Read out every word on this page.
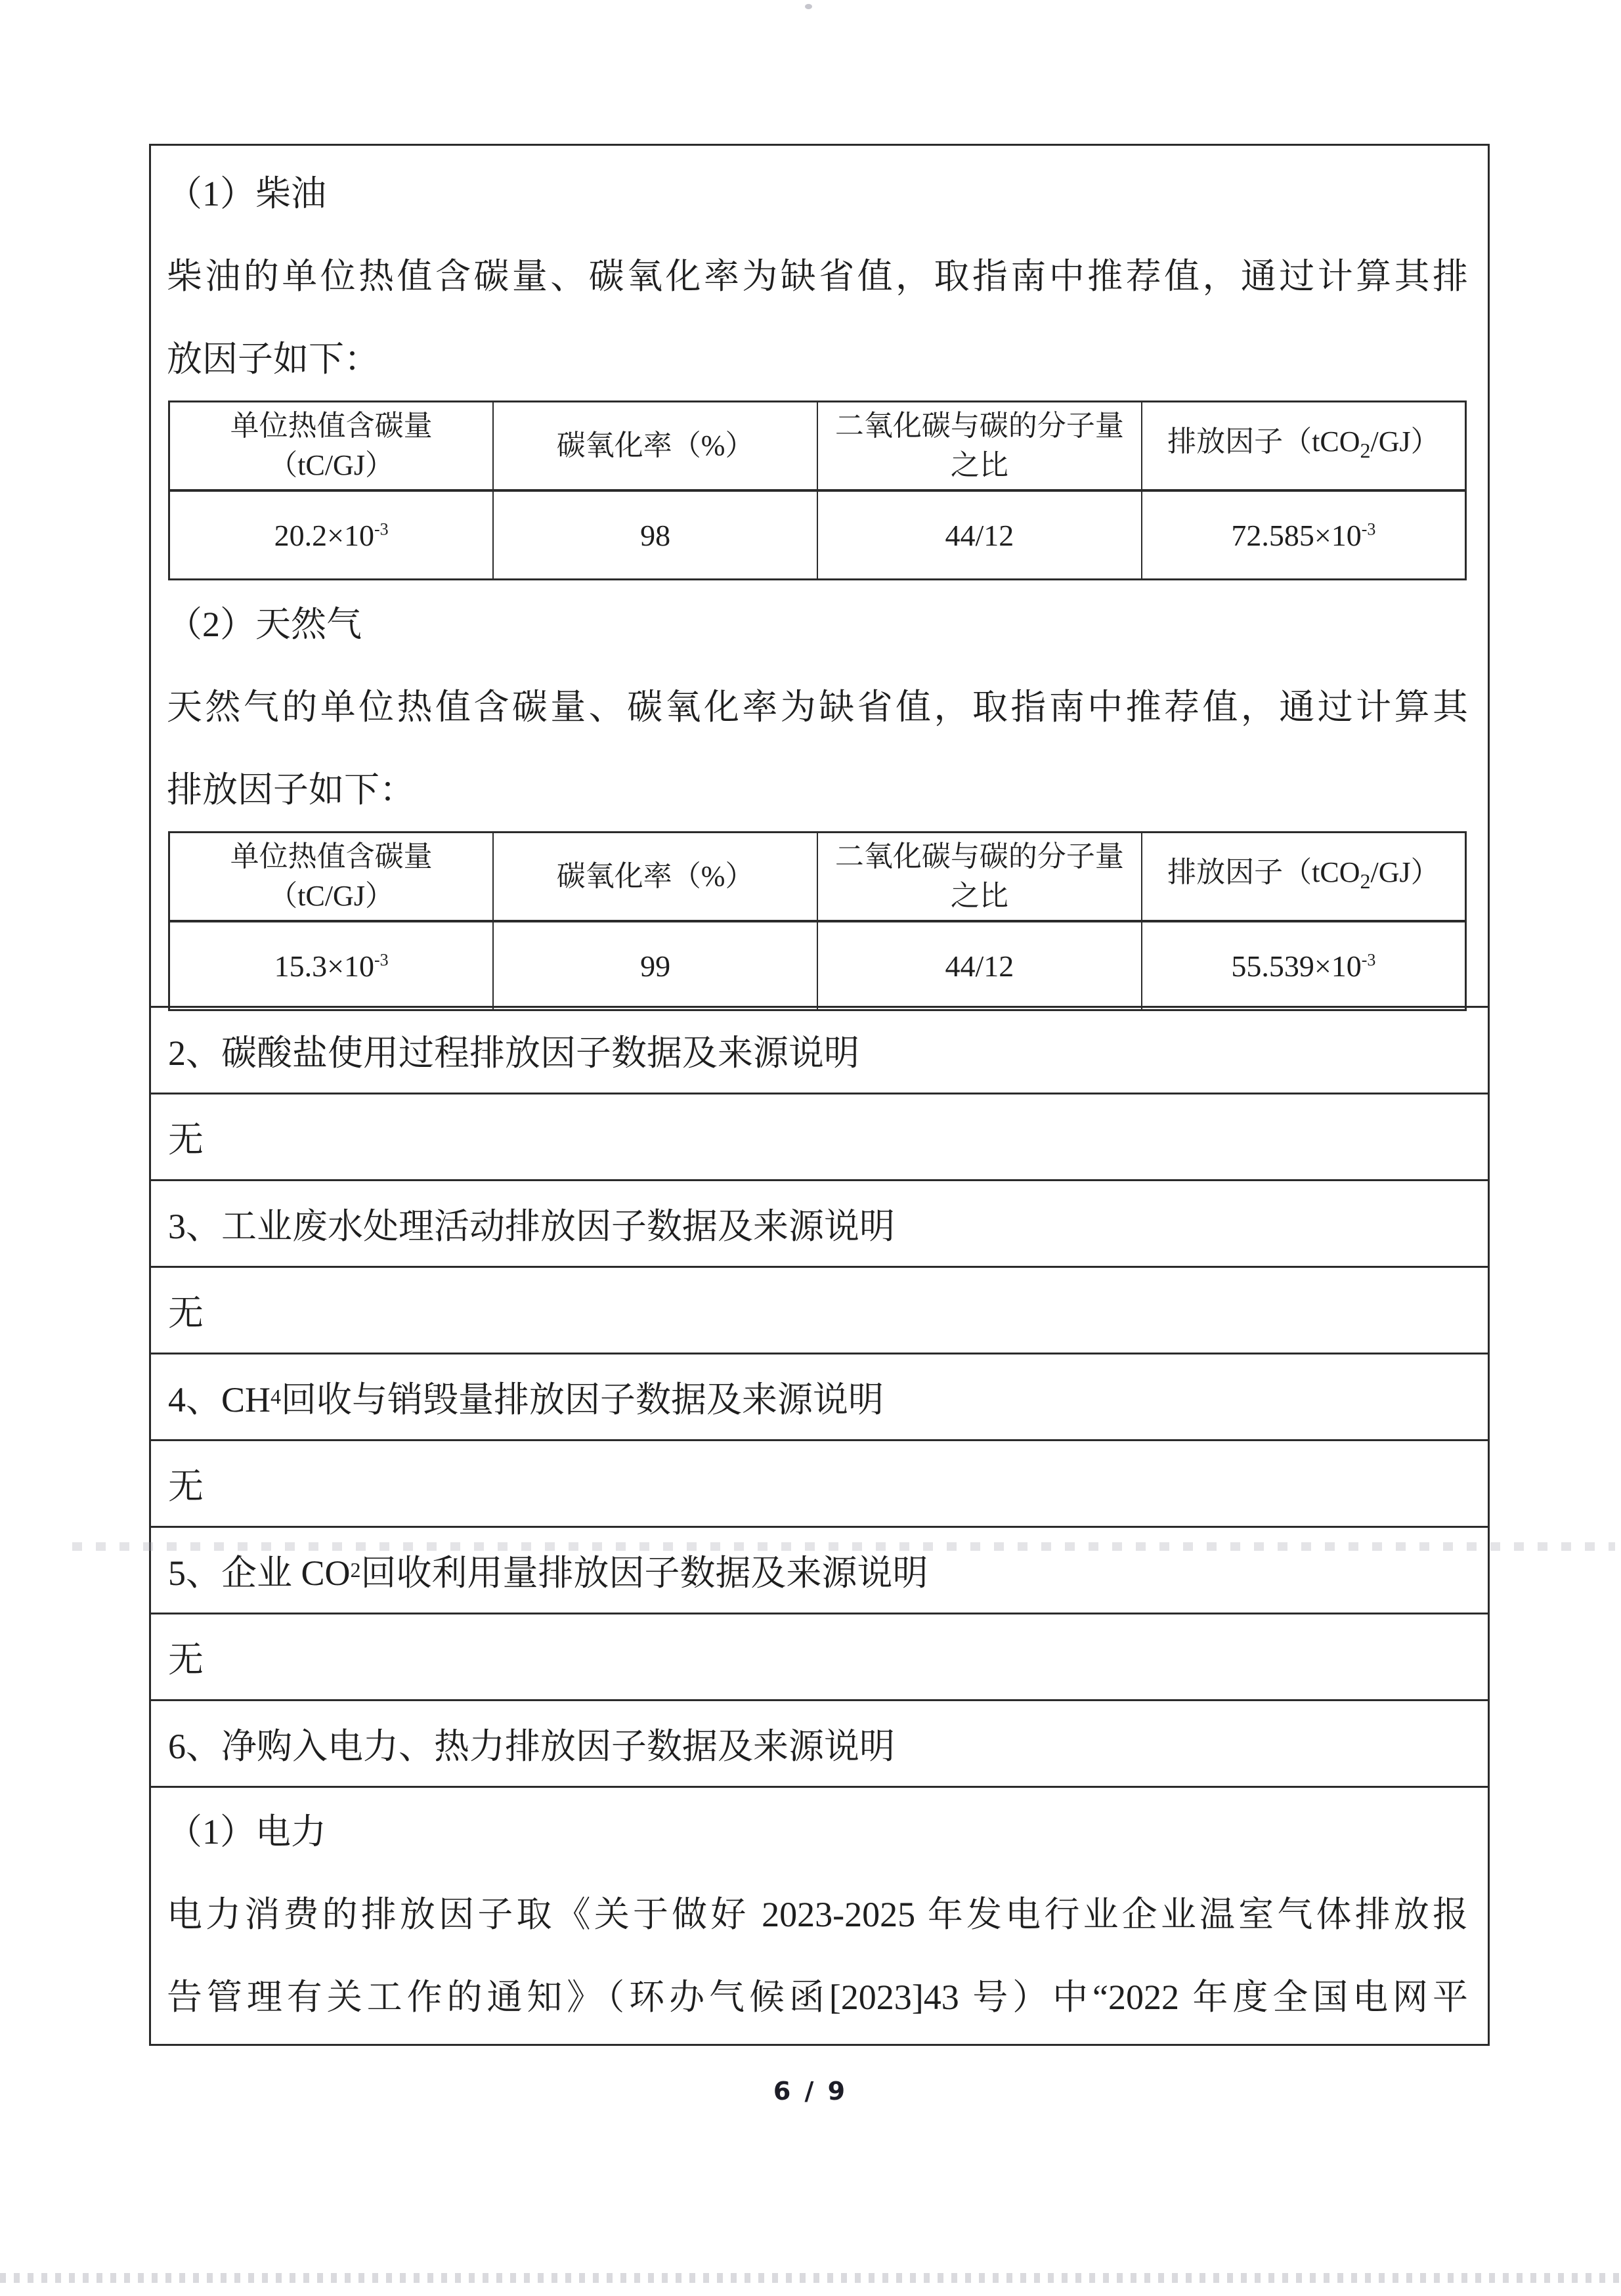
（1）柴油
柴油的单位热值含碳量、碳氧化率为缺省值，取指南中推荐值，通过计算其排
放因子如下：
单位热值含碳量
（tC/GJ）
	碳氧化率（%）	
二氧化碳与碳的分子量
之比
	排放因子（tCO$_2$/GJ）
$20.2\times 10^{-3}$	98	44/12	$72.585\times 10^{-3}$
（2）天然气
天然气的单位热值含碳量、碳氧化率为缺省值，取指南中推荐值，通过计算其
排放因子如下：
单位热值含碳量
（tC/GJ）
	碳氧化率（%）	
二氧化碳与碳的分子量
之比
	排放因子（tCO$_2$/GJ）
$15.3\times 10^{-3}$	99	44/12	$55.539\times 10^{-3}$
2、碳酸盐使用过程排放因子数据及来源说明
无
3、工业废水处理活动排放因子数据及来源说明
无
4、CH 4 回收与销毁量排放因子数据及来源说明
无
5、企业 CO 2 回收利用量排放因子数据及来源说明
无
6、净购入电力、热力排放因子数据及来源说明
（1）电力
电力消费的排放因子取《关于做好 2023-2025 年发电行业企业温室气体排放报
告管理有关工作的通知》（环办气候函[2023]43 号）中“2022 年度全国电网平
6 / 9
